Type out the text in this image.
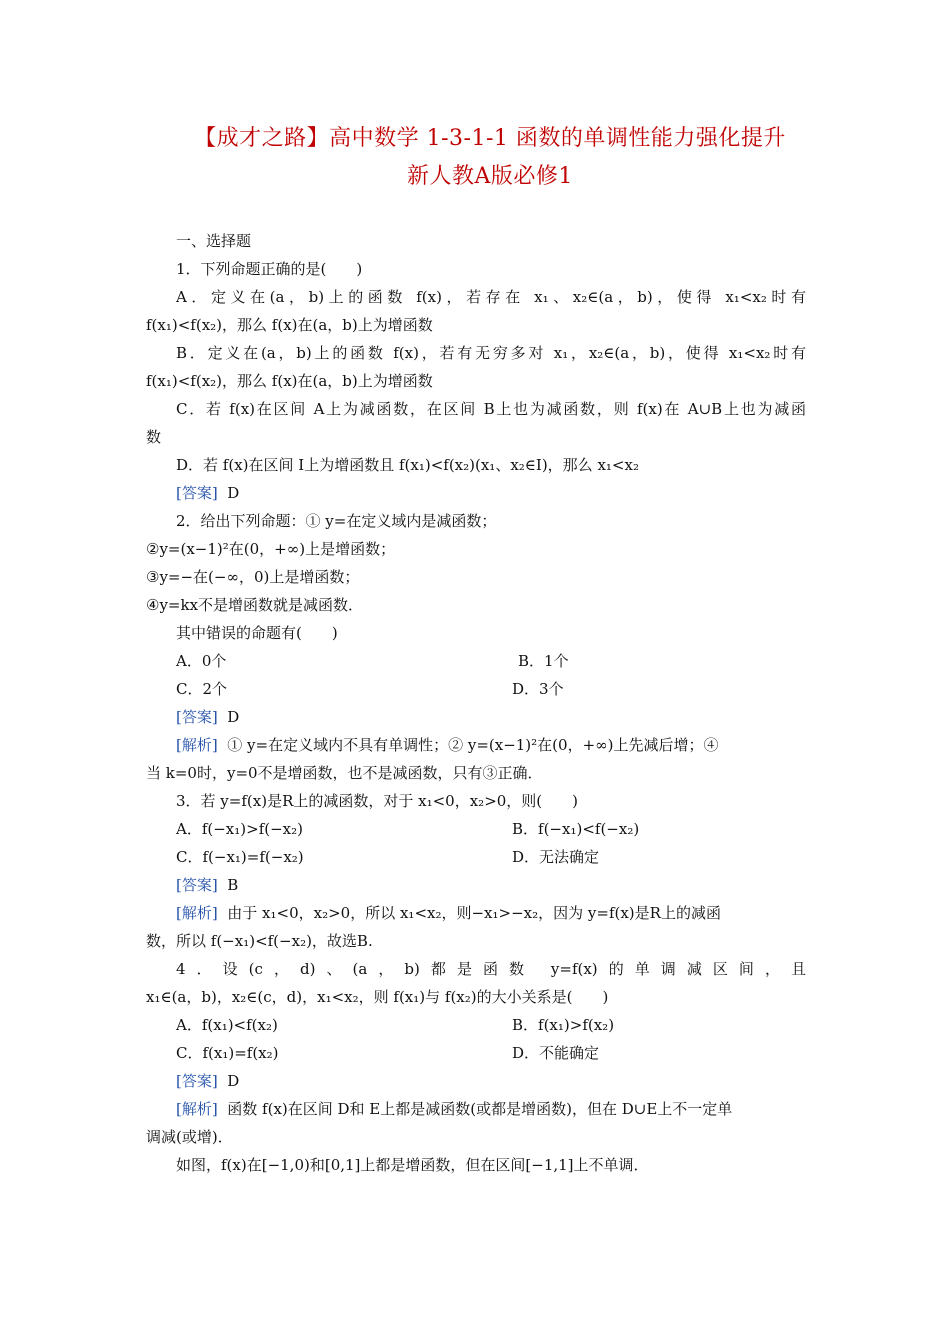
【成才之路】高中数学 1-3-1-1 函数的单调性能力强化提升
新人教A版必修1
一、选择题
1．下列命题正确的是(　　)
A．定义在(a，b)上的函数 f(x)，若存在 x₁、x₂∈(a，b)，使得 x₁<x₂时有
f(x₁)<f(x₂)，那么 f(x)在(a，b)上为增函数
B．定义在(a，b)上的函数 f(x)，若有无穷多对 x₁，x₂∈(a，b)，使得 x₁<x₂时有
f(x₁)<f(x₂)，那么 f(x)在(a，b)上为增函数
C．若 f(x)在区间 A上为减函数，在区间 B上也为减函数，则 f(x)在 A∪B上也为减函
数
D．若 f(x)在区间 I上为增函数且 f(x₁)<f(x₂)(x₁、x₂∈I)，那么 x₁<x₂
[答案] D
2．给出下列命题：① y=在定义域内是减函数；
②y=(x−1)²在(0，+∞)上是增函数；
③y=−在(−∞，0)上是增函数；
④y=kx不是增函数就是减函数．
其中错误的命题有(　　)
A．0个	B．1个
C．2个	D．3个
[答案] D
[解析] ① y=在定义域内不具有单调性；② y=(x−1)²在(0，+∞)上先减后增；④
当 k=0时，y=0不是增函数，也不是减函数，只有③正确．
3．若 y=f(x)是R上的减函数，对于 x₁<0，x₂>0，则(　　)
A．f(−x₁)>f(−x₂)	B．f(−x₁)<f(−x₂)
C．f(−x₁)=f(−x₂)	D．无法确定
[答案] B
[解析] 由于 x₁<0，x₂>0，所以 x₁<x₂，则−x₁>−x₂，因为 y=f(x)是R上的减函
数，所以 f(−x₁)<f(−x₂)，故选B.
4．设(c，d)、(a，b)都是函数 y=f(x)的单调减区间，且
x₁∈(a，b)，x₂∈(c，d)，x₁<x₂，则 f(x₁)与 f(x₂)的大小关系是(　　)
A．f(x₁)<f(x₂)	B．f(x₁)>f(x₂)
C．f(x₁)=f(x₂)	D．不能确定
[答案] D
[解析] 函数 f(x)在区间 D和 E上都是减函数(或都是增函数)，但在 D∪E上不一定单
调减(或增)．
如图，f(x)在[−1,0)和[0,1]上都是增函数，但在区间[−1,1]上不单调．
